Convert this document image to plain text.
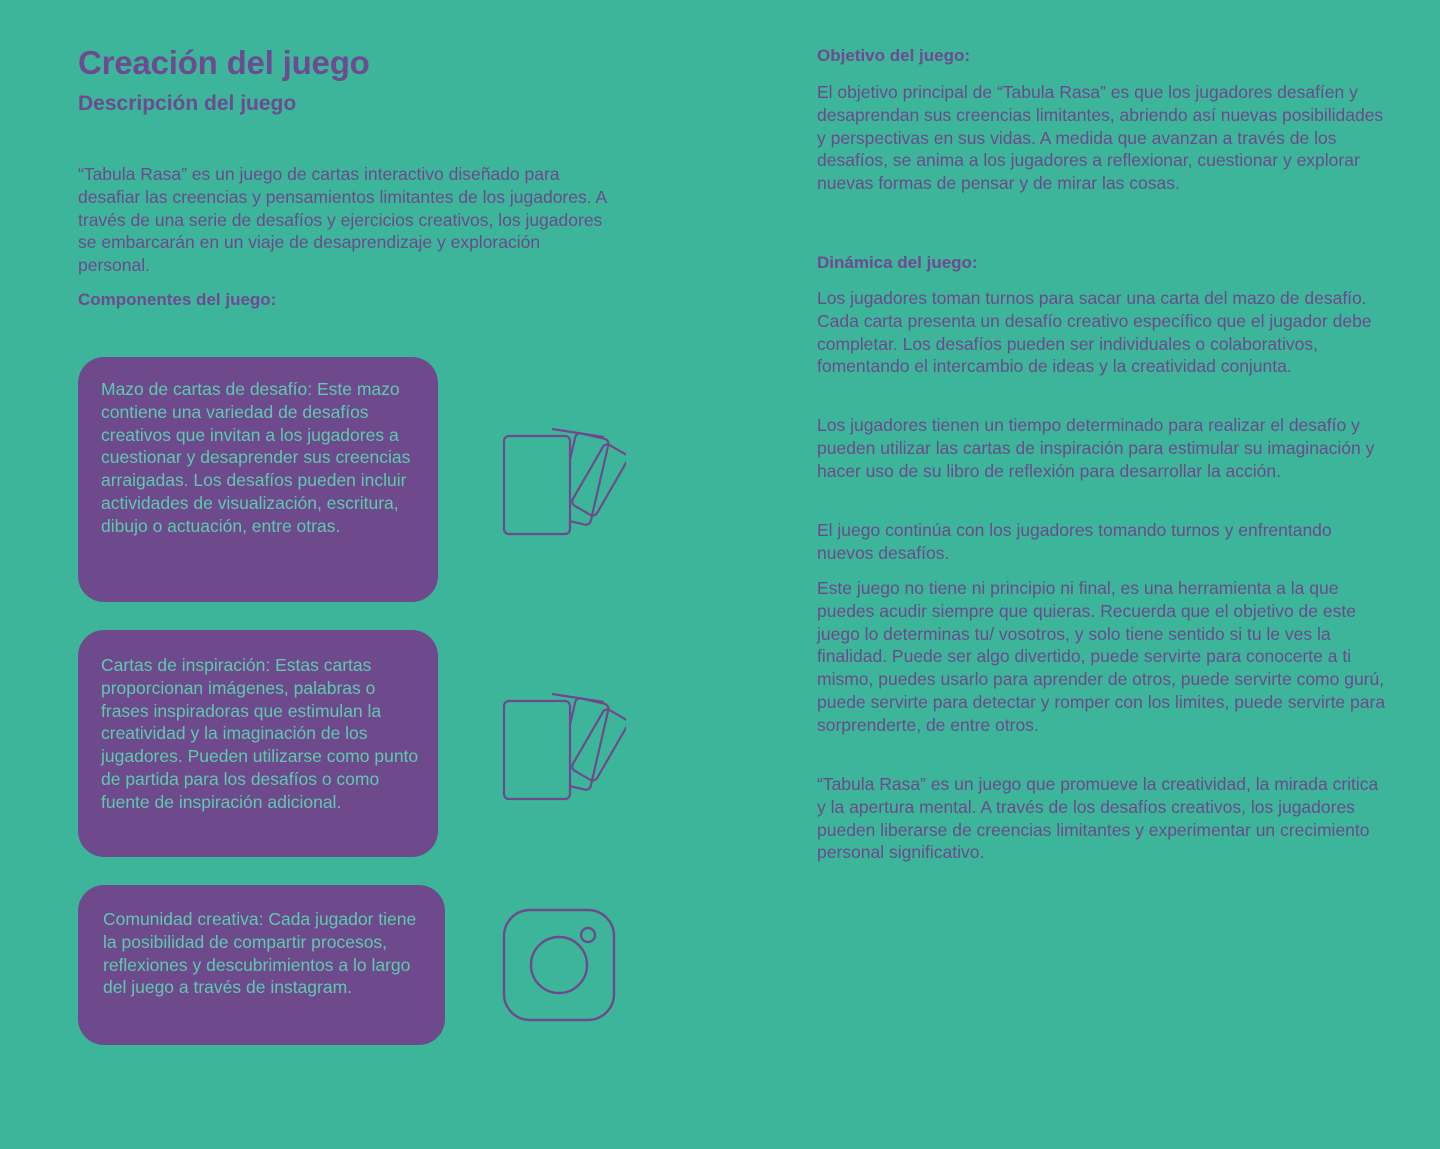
Creación del juego
Descripción del juego

“Tabula Rasa” es un juego de cartas interactivo diseñado para desafiar las creencias y pensamientos limitantes de los jugadores. A través de una serie de desafíos y ejercicios creativos, los jugadores se embarcarán en un viaje de desaprendizaje y exploración personal.

Componentes del juego:

Mazo de cartas de desafío: Este mazo contiene una variedad de desafíos creativos que invitan a los jugadores a cuestionar y desaprender sus creencias arraigadas. Los desafíos pueden incluir actividades de visualización, escritura, dibujo o actuación, entre otras.

Cartas de inspiración: Estas cartas proporcionan imágenes, palabras o frases inspiradoras que estimulan la creatividad y la imaginación de los jugadores. Pueden utilizarse como punto de partida para los desafíos o como fuente de inspiración adicional.

Comunidad creativa: Cada jugador tiene la posibilidad de compartir procesos, reflexiones y descubrimientos a lo largo del juego a través de instagram.

Objetivo del juego:

El objetivo principal de “Tabula Rasa” es que los jugadores desafíen y desaprendan sus creencias limitantes, abriendo así nuevas posibilidades y perspectivas en sus vidas. A medida que avanzan a través de los desafíos, se anima a los jugadores a reflexionar, cuestionar y explorar nuevas formas de pensar y de mirar las cosas.

Dinámica del juego:

Los jugadores toman turnos para sacar una carta del mazo de desafío. Cada carta presenta un desafío creativo específico que el jugador debe completar. Los desafíos pueden ser individuales o colaborativos, fomentando el intercambio de ideas y la creatividad conjunta.

Los jugadores tienen un tiempo determinado para realizar el desafío y pueden utilizar las cartas de inspiración para estimular su imaginación y hacer uso de su libro de reflexión para desarrollar la acción.

El juego continúa con los jugadores tomando turnos y enfrentando nuevos desafíos.

Este juego no tiene ni principio ni final, es una herramienta a la que puedes acudir siempre que quieras. Recuerda que el objetivo de este juego lo determinas tu/ vosotros, y solo tiene sentido si tu le ves la finalidad. Puede ser algo divertido, puede servirte para conocerte a ti mismo, puedes usarlo para aprender de otros, puede servirte como gurú, puede servirte para detectar y romper con los limites, puede servirte para sorprenderte, de entre otros.

“Tabula Rasa” es un juego que promueve la creatividad, la mirada critica y la apertura mental. A través de los desafíos creativos, los jugadores pueden liberarse de creencias limitantes y experimentar un crecimiento personal significativo.
